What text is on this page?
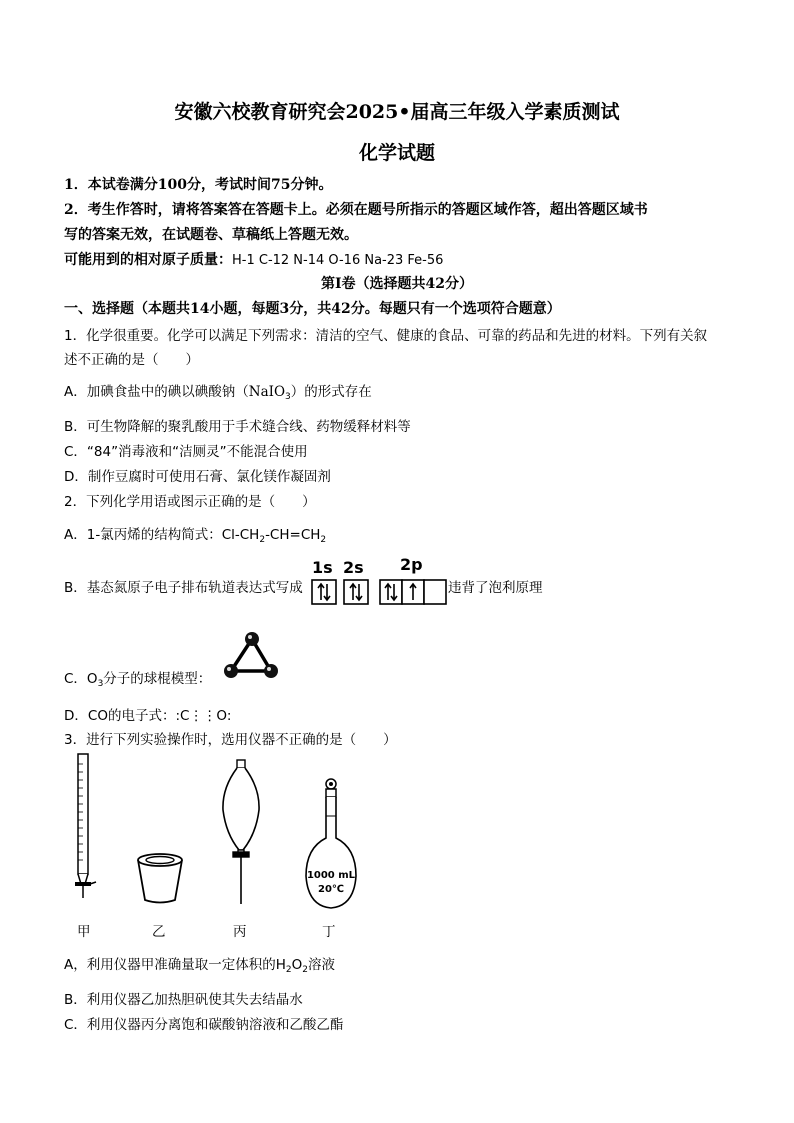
安徽六校教育研究会2025•届高三年级入学素质测试
化学试题
1．本试卷满分100分，考试时间75分钟。
2．考生作答时，请将答案答在答题卡上。必须在题号所指示的答题区域作答，超出答题区域书
写的答案无效，在试题卷、草稿纸上答题无效。
可能用到的相对原子质量：H-1 C-12 N-14 O-16 Na-23 Fe-56
第Ⅰ卷（选择题共42分）
一、选择题（本题共14小题，每题3分，共42分。每题只有一个选项符合题意）
1．化学很重要。化学可以满足下列需求：清洁的空气、健康的食品、可靠的药品和先进的材料。下列有关叙
述不正确的是（　　）
A．加碘食盐中的碘以碘酸钠（NaIO$_3$）的形式存在
B．可生物降解的聚乳酸用于手术缝合线、药物缓释材料等
C．“84”消毒液和“洁厕灵”不能混合使用
D．制作豆腐时可使用石膏、氯化镁作凝固剂
2．下列化学用语或图示正确的是（　　）
A．1-氯丙烯的结构简式：$Cl-CH_2-CH=CH_2$
B．基态氮原子电子排布轨道表达式写成
1s 2s 2p
违背了泡利原理
C．$O_3$分子的球棍模型：
D．CO的电子式：:C⋮⋮O:
3．进行下列实验操作时，选用仪器不正确的是（　　）
1000 mL
20℃
甲	乙	丙	丁
A，利用仪器甲准确量取一定体积的$H_2O_2$溶液
B．利用仪器乙加热胆矾使其失去结晶水
C．利用仪器丙分离饱和碳酸钠溶液和乙酸乙酯
